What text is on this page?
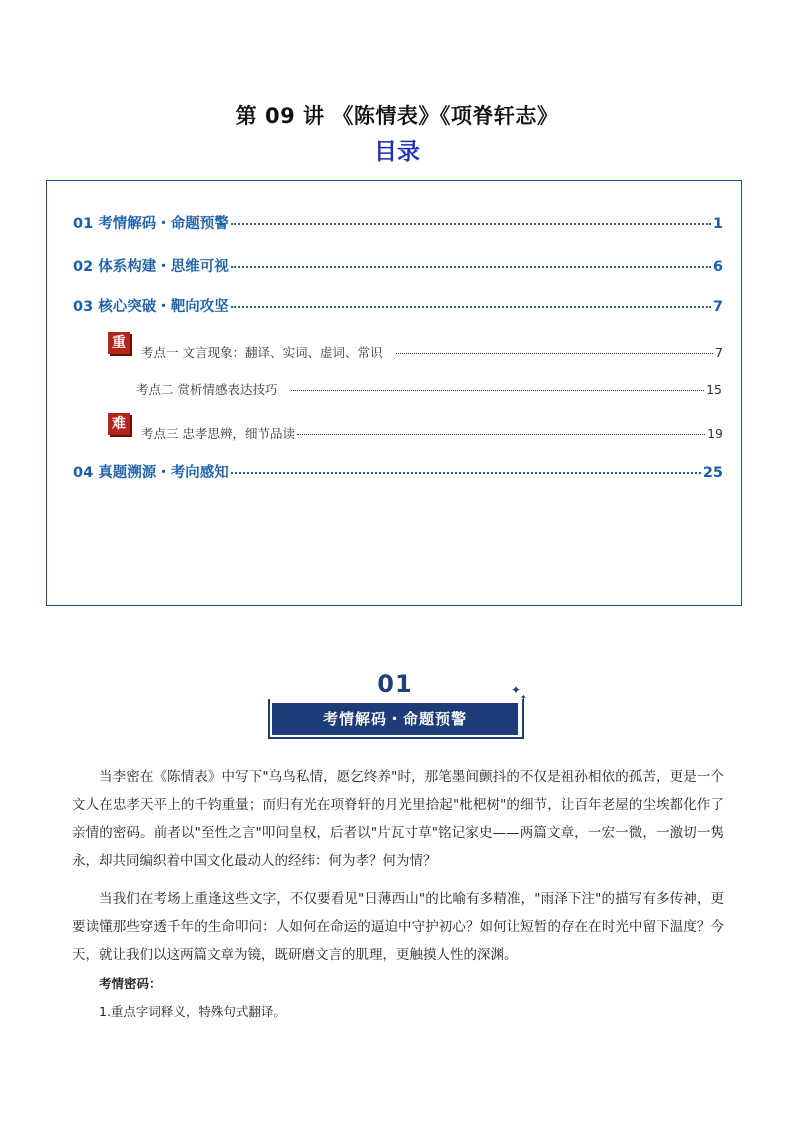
第 09 讲 《陈情表》《项脊轩志》
目录
01 考情解码・命题预警	1
02 体系构建・思维可视	6
03 核心突破・靶向攻坚	7
重
考点一 文言现象：翻译、实词、虚词、常识	7
考点二 赏析情感表达技巧	15
难
考点三 忠孝思辨，细节品读	19
04 真题溯源・考向感知	25
01
考情解码・命题预警
✦
✦

当李密在《陈情表》中写下"乌鸟私情，愿乞终养"时，那笔墨间颤抖的不仅是祖孙相依的孤苦，更是一个文人在忠孝天平上的千钧重量；而归有光在项脊轩的月光里拾起"枇杷树"的细节，让百年老屋的尘埃都化作了亲情的密码。前者以"至性之言"叩问皇权，后者以"片瓦寸草"铭记家史——两篇文章，一宏一微，一激切一隽永，却共同编织着中国文化最动人的经纬：何为孝？何为情？

当我们在考场上重逢这些文字，不仅要看见"日薄西山"的比喻有多精准，"雨泽下注"的描写有多传神，更要读懂那些穿透千年的生命叩问：人如何在命运的逼迫中守护初心？如何让短暂的存在在时光中留下温度？今天，就让我们以这两篇文章为镜，既研磨文言的肌理，更触摸人性的深渊。

考情密码：
1.重点字词释义，特殊句式翻译。
